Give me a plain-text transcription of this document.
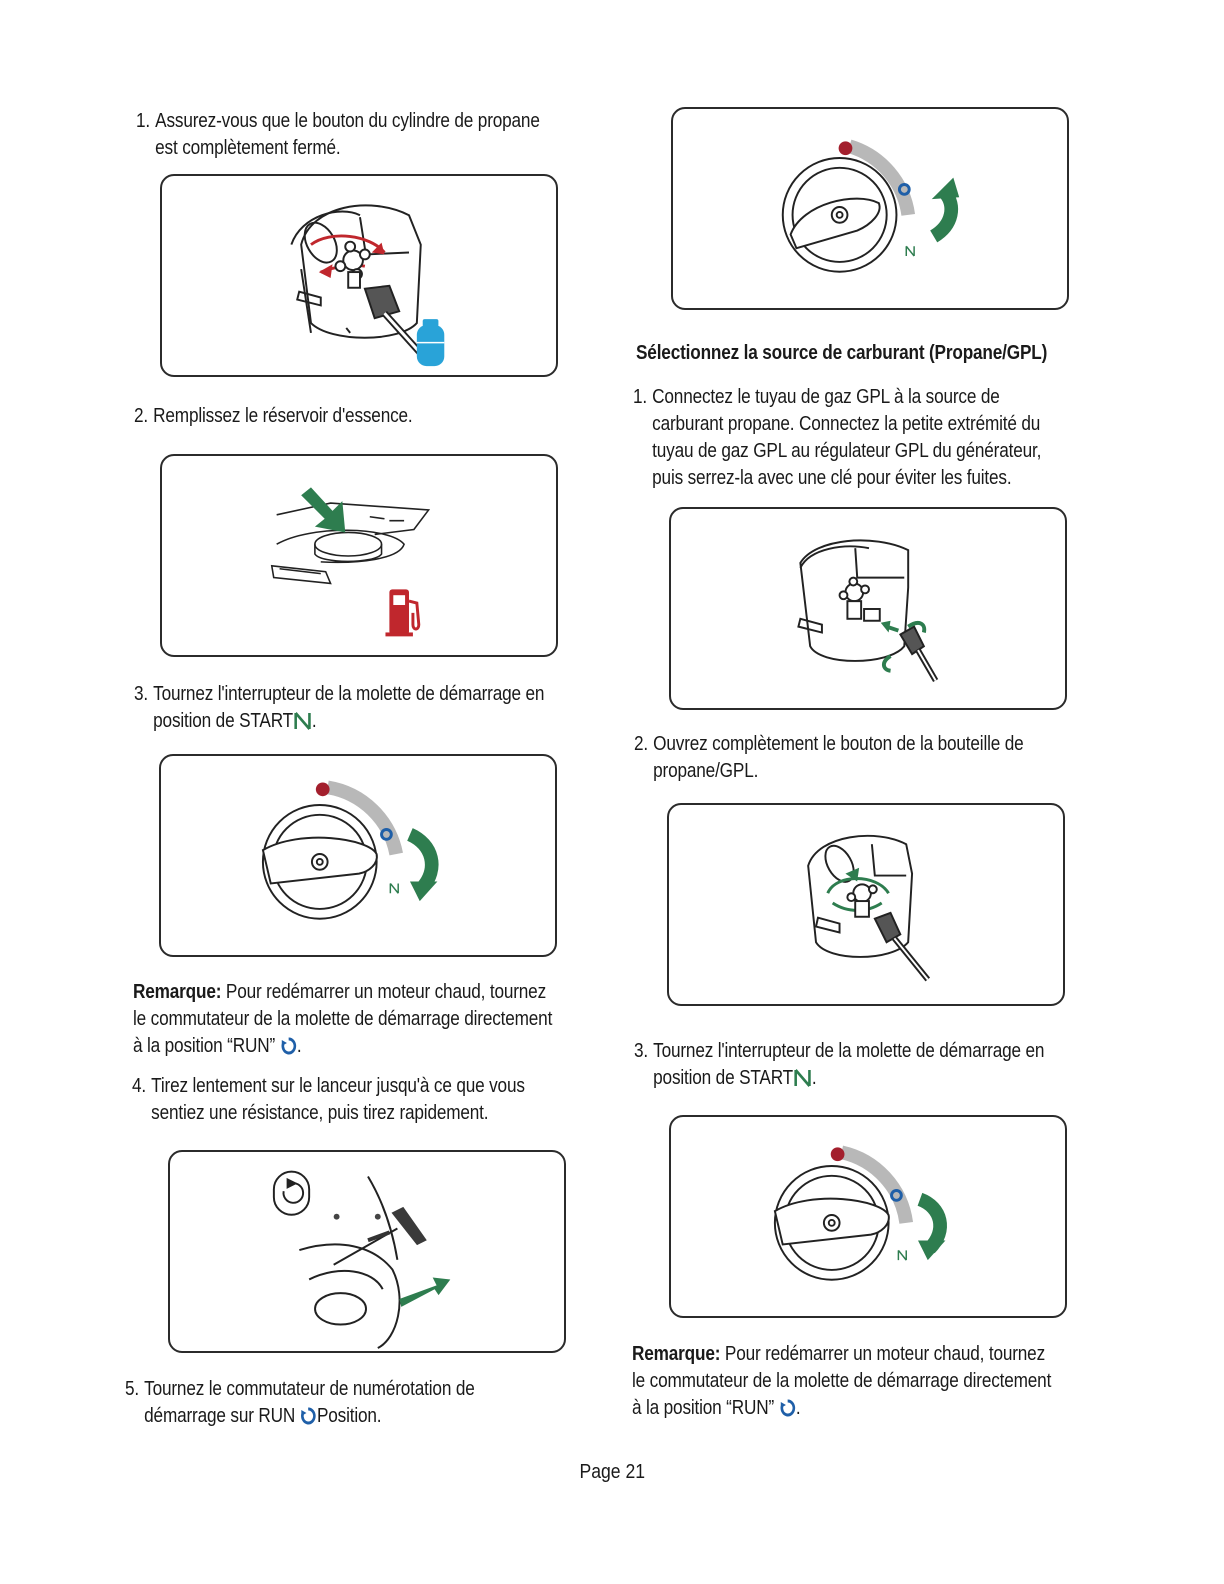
1. Assurez-vous que le bouton du cylindre de propane
est complètement fermé.
2. Remplissez le réservoir d'essence.
3. Tournez l'interrupteur de la molette de démarrage en
position de START .
Remarque: Pour redémarrer un moteur chaud, tournez
le commutateur de la molette de démarrage directement
à la position “RUN” .
4. Tirez lentement sur le lanceur jusqu'à ce que vous
sentiez une résistance, puis tirez rapidement.
5. Tournez le commutateur de numérotation de
démarrage sur RUN Position.
Sélectionnez la source de carburant (Propane/GPL)
1. Connectez le tuyau de gaz GPL à la source de
carburant propane. Connectez la petite extrémité du
tuyau de gaz GPL au régulateur GPL du générateur,
puis serrez-la avec une clé pour éviter les fuites.
2. Ouvrez complètement le bouton de la bouteille de
propane/GPL.
3. Tournez l'interrupteur de la molette de démarrage en
position de START .
Remarque: Pour redémarrer un moteur chaud, tournez
le commutateur de la molette de démarrage directement
à la position “RUN” .
Page 21
